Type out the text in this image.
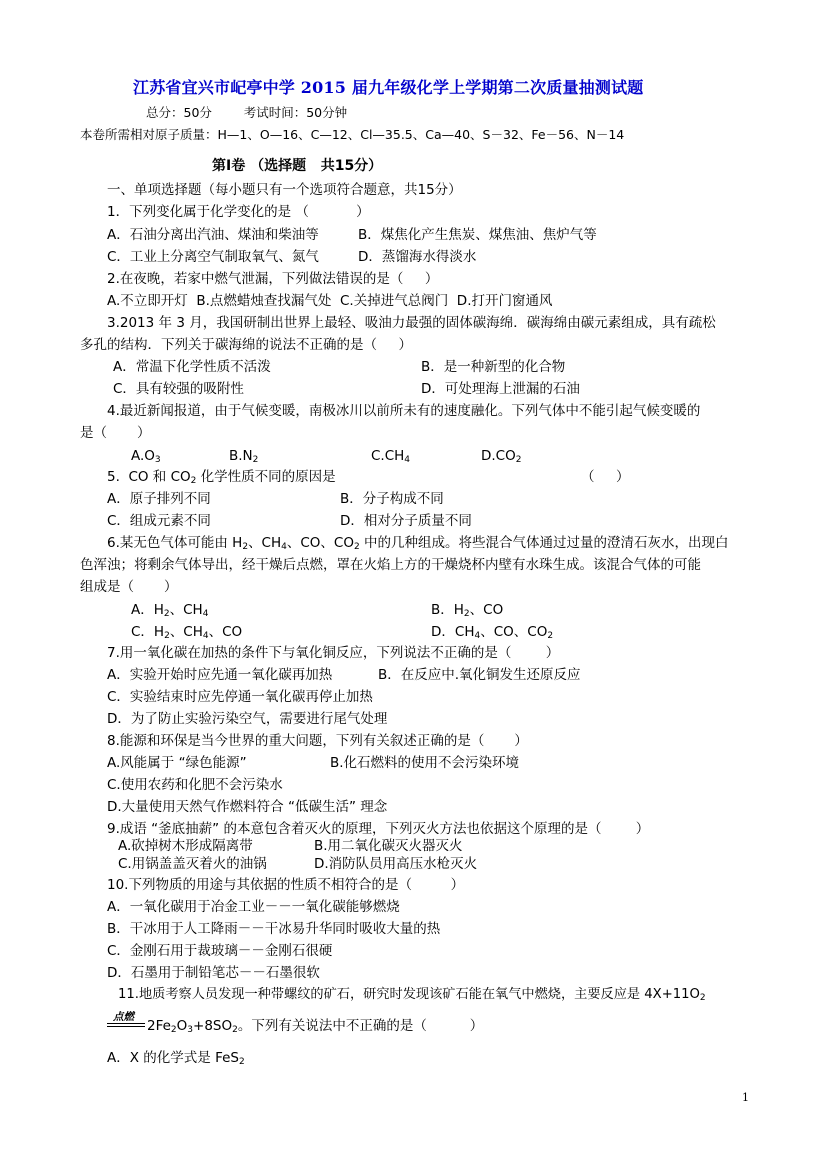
江苏省宜兴市屺亭中学 2015 届九年级化学上学期第二次质量抽测试题
总分：50分        考试时间：50分钟
本卷所需相对原子质量：H—1、O—16、C—12、Cl—35.5、Ca—40、S－32、Fe－56、N－14
第Ⅰ卷 （选择题   共15分）
一、单项选择题（每小题只有一个选项符合题意，共15分）
1．下列变化属于化学变化的是 （           ）
A．石油分离出汽油、煤油和柴油等	B．煤焦化产生焦炭、煤焦油、焦炉气等
C．工业上分离空气制取氧气、氮气	D．蒸馏海水得淡水
2.在夜晚，若家中燃气泄漏，下列做法错误的是（     ）
A.不立即开灯  B.点燃蜡烛查找漏气处  C.关掉进气总阀门  D.打开门窗通风
3.2013 年 3 月，我国研制出世界上最轻、吸油力最强的固体碳海绵．碳海绵由碳元素组成，具有疏松
多孔的结构．下列关于碳海绵的说法不正确的是（     ）
A．常温下化学性质不活泼	B．是一种新型的化合物
C．具有较强的吸附性	D．可处理海上泄漏的石油
4.最近新闻报道，由于气候变暖，南极冰川以前所未有的速度融化。下列气体中不能引起气候变暖的
是（       ）
$A.O_3$	$B.N_2$	$C.CH_4$	$D.CO_2$
5.  CO 和 $CO_2$ 化学性质不同的原因是	（     ）
A．原子排列不同	B．分子构成不同
C．组成元素不同	D．相对分子质量不同
6.某无色气体可能由 $H_2$、$CH_4$、CO、$CO_2$ 中的几种组成。将些混合气体通过过量的澄清石灰水，出现白
色浑浊；将剩余气体导出，经干燥后点燃，罩在火焰上方的干燥烧杯内壁有水珠生成。该混合气体的可能
组成是（       ）
A．$H_2$、$CH_4$	B．$H_2$、CO
C．$H_2$、$CH_4$、CO	D．$CH_4$、CO、$CO_2$
7.用一氧化碳在加热的条件下与氧化铜反应，下列说法不正确的是（        ）
A．实验开始时应先通一氧化碳再加热	B．在反应中.氧化铜发生还原反应
C．实验结束时应先停通一氧化碳再停止加热
D．为了防止实验污染空气，需要进行尾气处理
8.能源和环保是当今世界的重大问题，下列有关叙述正确的是（       ）
A.风能属于 “绿色能源”	B.化石燃料的使用不会污染环境
C.使用农药和化肥不会污染水
D.大量使用天然气作燃料符合 “低碳生活” 理念
9.成语 “釜底抽薪” 的本意包含着灭火的原理，下列灭火方法也依据这个原理的是（        ）
A.砍掉树木形成隔离带	B.用二氧化碳灭火器灭火
C.用锅盖盖灭着火的油锅	D.消防队员用高压水枪灭火
10.下列物质的用途与其依据的性质不相符合的是（         ）
A．一氧化碳用于冶金工业－－一氧化碳能够燃烧
B．干冰用于人工降雨－－干冰易升华同时吸收大量的热
C．金刚石用于裁玻璃－－金刚石很硬
D．石墨用于制铅笔芯－－石墨很软
11.地质考察人员发现一种带螺纹的矿石，研究时发现该矿石能在氧气中燃烧，主要反应是 $4X+11O_2$
点燃
$2Fe_2O_3+8SO_2$。下列有关说法中不正确的是（          ）
A．X 的化学式是 FeS$_2$
1
